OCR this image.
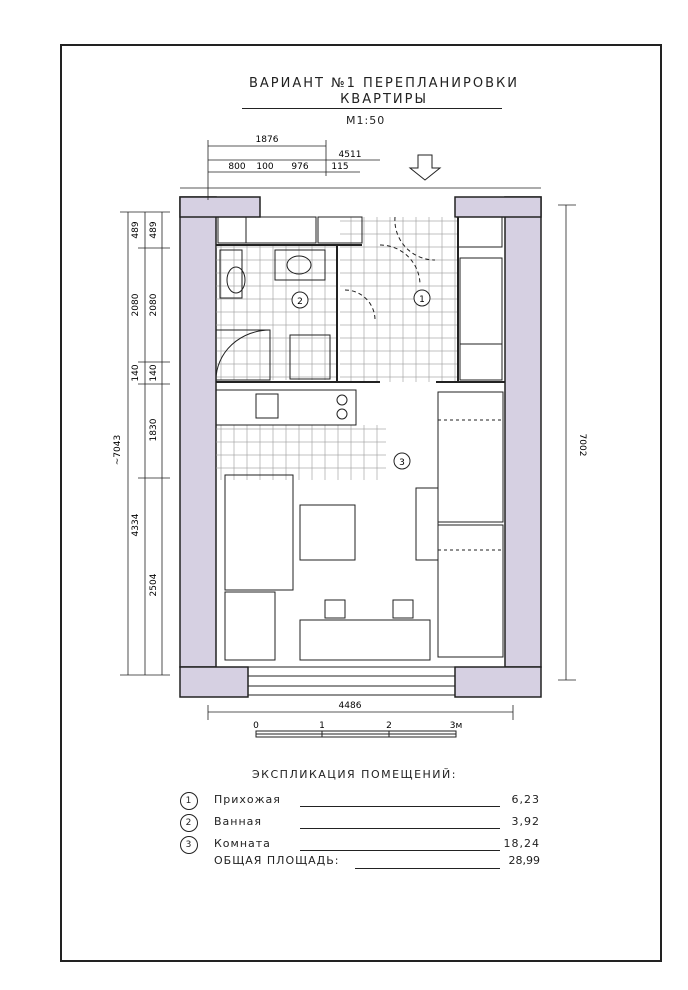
ВАРИАНТ №1 ПЕРЕПЛАНИРОВКИ
КВАРТИРЫ
M1:50
1
2
3
1876
4511
800 100 976	115
4486
7002
489
2080
140
1830
4334
2504
~7043
489
2080
140
0	1	2	3м
ЭКСПЛИКАЦИЯ ПОМЕЩЕНИЙ:
1	Прихожая	6,23
2	Ванная	3,92
3	Комната	18,24
ОБЩАЯ ПЛОЩАДЬ:	28,99
